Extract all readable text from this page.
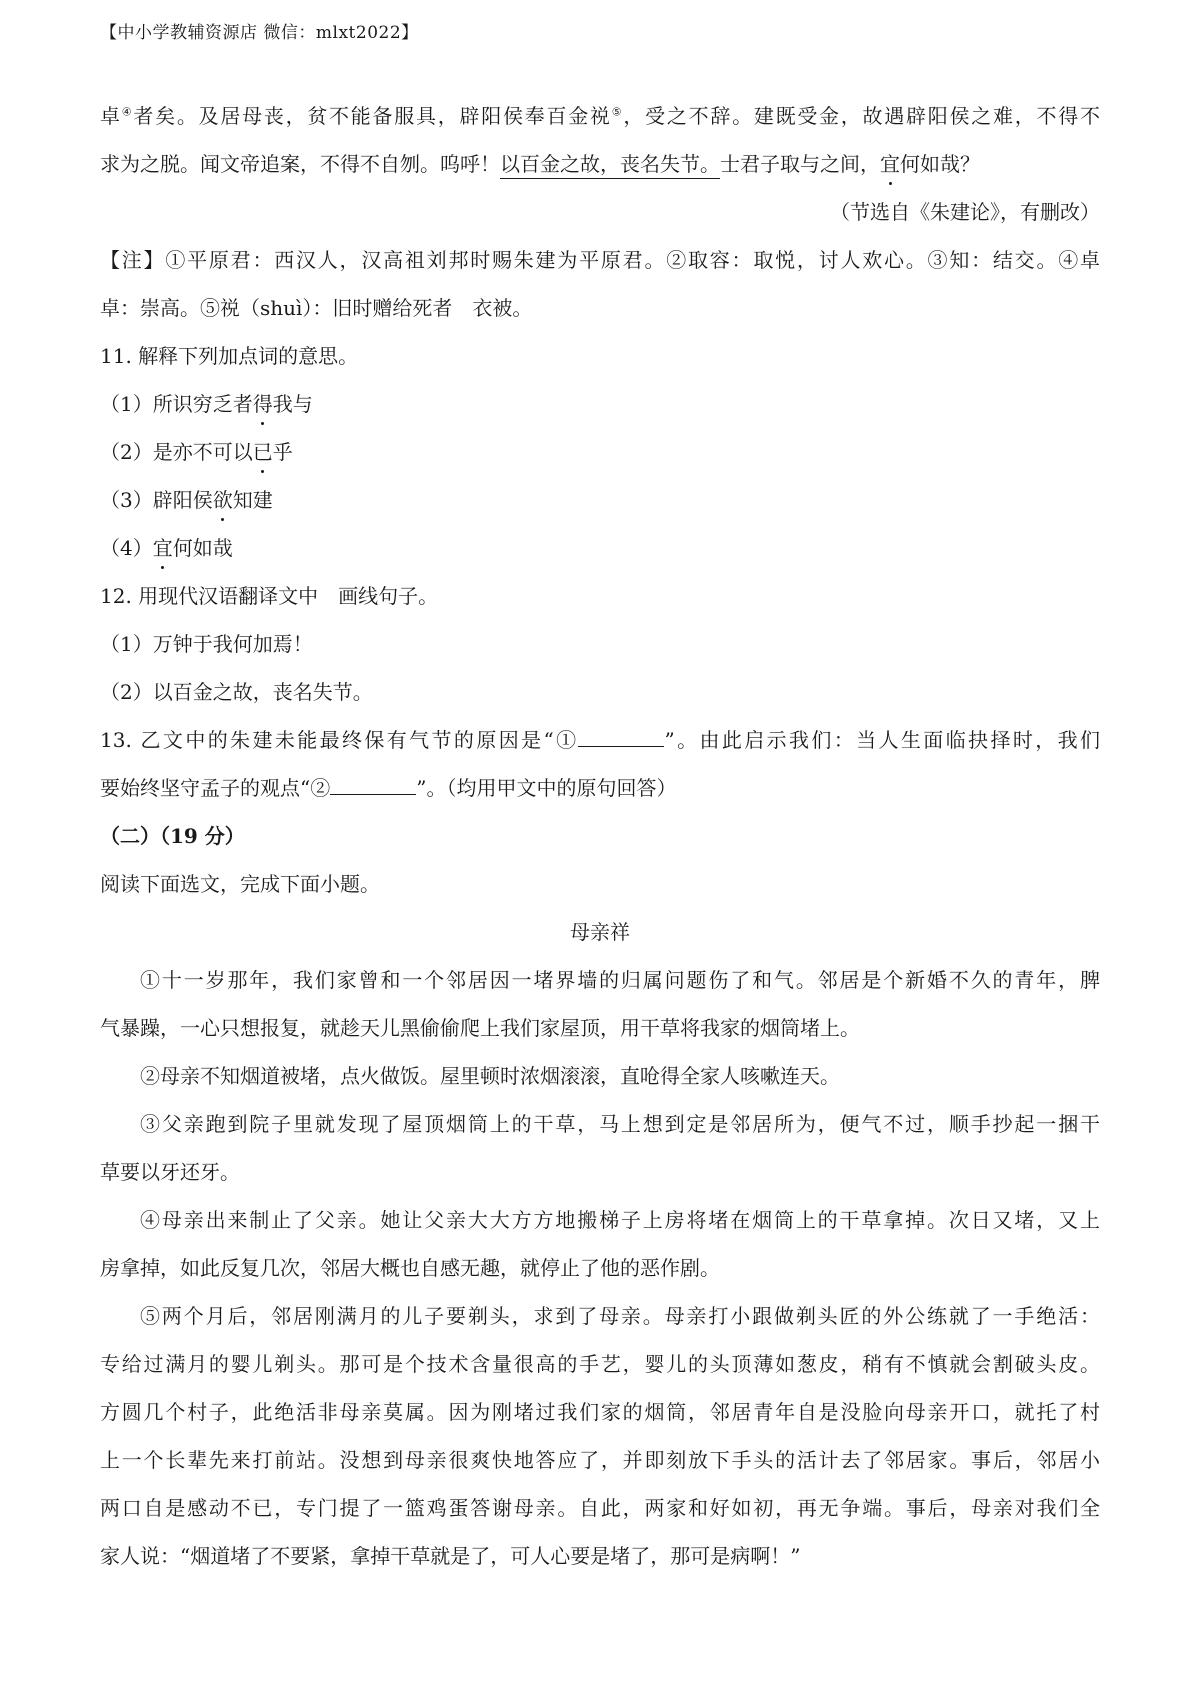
【中小学教辅资源店 微信：mlxt2022】
卓④者矣。及居母丧，贫不能备服具，辟阳侯奉百金祱⑤，受之不辞。建既受金，故遇辟阳侯之难，不得不
求为之脱。闻文帝追案，不得不自刎。呜呼！以百金之故，丧名失节。士君子取与之间，宜何如哉？
（节选自《朱建论》，有删改）
【注】①平原君：西汉人，汉高祖刘邦时赐朱建为平原君。②取容：取悦，讨人欢心。③知：结交。④卓
卓：崇高。⑤祱（shuì）：旧时赠给死者　衣被。
11. 解释下列加点词的意思。
（1）所识穷乏者得我与
（2）是亦不可以已乎
（3）辟阳侯欲知建
（4）宜何如哉
12. 用现代汉语翻译文中　画线句子。
（1）万钟于我何加焉！
（2）以百金之故，丧名失节。
13. 乙文中的朱建未能最终保有气节的原因是“①	”。由此启示我们：当人生面临抉择时，我们
要始终坚守孟子的观点“②	”。（均用甲文中的原句回答）
（二）（19 分）
阅读下面选文，完成下面小题。
母亲祥
①十一岁那年，我们家曾和一个邻居因一堵界墙的归属问题伤了和气。邻居是个新婚不久的青年，脾
气暴躁，一心只想报复，就趁天儿黑偷偷爬上我们家屋顶，用干草将我家的烟筒堵上。
②母亲不知烟道被堵，点火做饭。屋里顿时浓烟滚滚，直呛得全家人咳嗽连天。
③父亲跑到院子里就发现了屋顶烟筒上的干草，马上想到定是邻居所为，便气不过，顺手抄起一捆干
草要以牙还牙。
④母亲出来制止了父亲。她让父亲大大方方地搬梯子上房将堵在烟筒上的干草拿掉。次日又堵，又上
房拿掉，如此反复几次，邻居大概也自感无趣，就停止了他的恶作剧。
⑤两个月后，邻居刚满月的儿子要剃头，求到了母亲。母亲打小跟做剃头匠的外公练就了一手绝活：
专给过满月的婴儿剃头。那可是个技术含量很高的手艺，婴儿的头顶薄如葱皮，稍有不慎就会割破头皮。
方圆几个村子，此绝活非母亲莫属。因为刚堵过我们家的烟筒，邻居青年自是没脸向母亲开口，就托了村
上一个长辈先来打前站。没想到母亲很爽快地答应了，并即刻放下手头的活计去了邻居家。事后，邻居小
两口自是感动不已，专门提了一篮鸡蛋答谢母亲。自此，两家和好如初，再无争端。事后，母亲对我们全
家人说：“烟道堵了不要紧，拿掉干草就是了，可人心要是堵了，那可是病啊！”
